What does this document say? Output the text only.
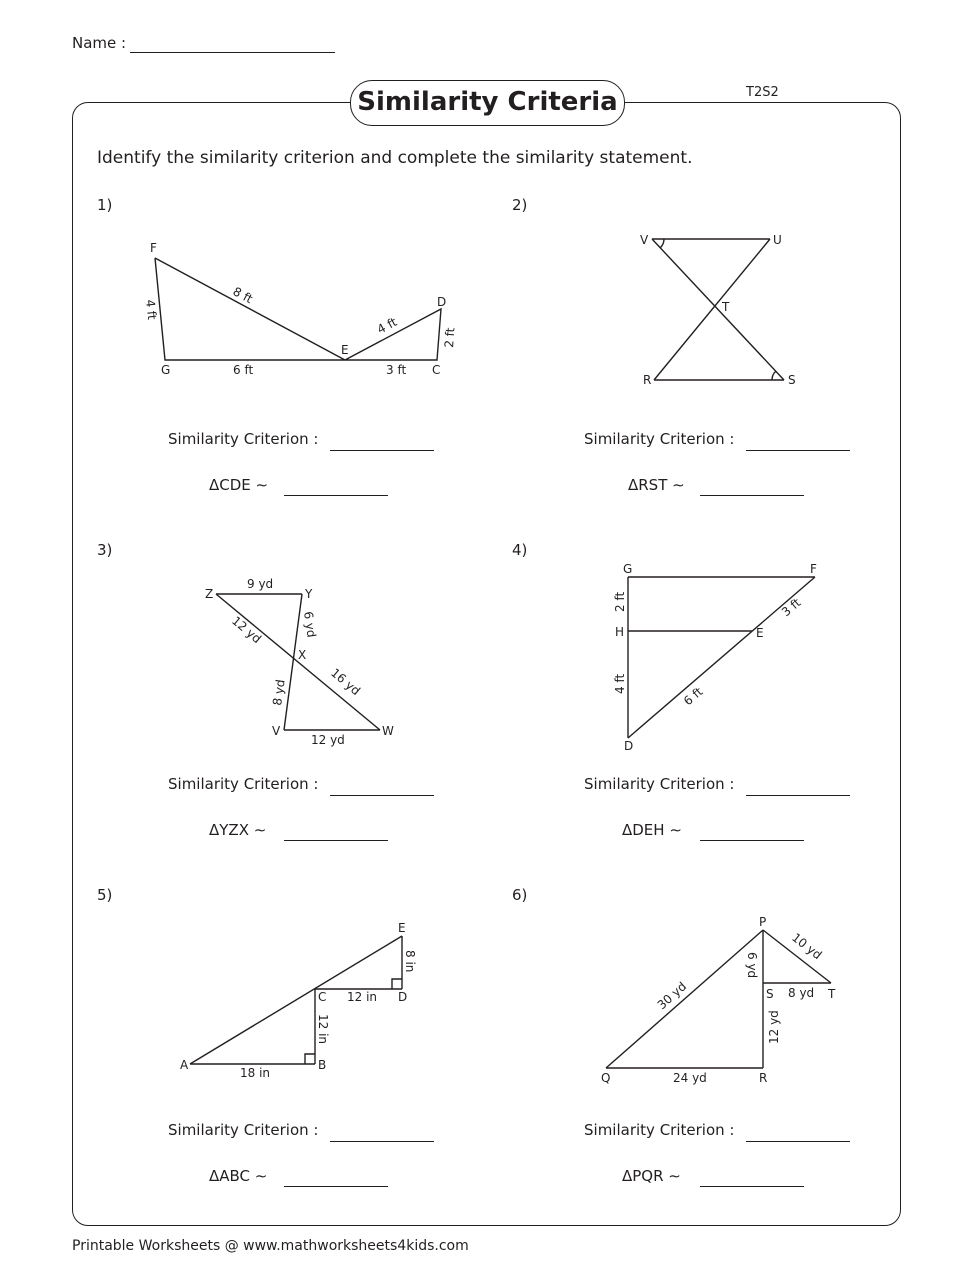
Name :
Similarity Criteria	T2S2
Identify the similarity criterion and complete the similarity statement.
1)	2)
3)	4)
5)	6)
Similarity Criterion :
ΔCDE ∼
Similarity Criterion :
ΔRST ∼
Similarity Criterion :
ΔYZX ∼
Similarity Criterion :
ΔDEH ∼
Similarity Criterion :
ΔABC ∼
Similarity Criterion :
ΔPQR ∼
F
G
E
D
C
4 ft
8 ft
6 ft
4 ft
2 ft
3 ft
V	U
T
R	S
Z	Y
X
V	W
9 yd
12 yd	6 yd
16 yd
8 yd
12 yd
G	F
H	E
D
2 ft	3 ft
4 ft
6 ft
E
C	D
A	B
8 in
12 in
12 in
18 in
P
S	T
Q	R
10 yd
6 yd
8 yd
30 yd
12 yd
24 yd
Printable Worksheets @ www.mathworksheets4kids.com
